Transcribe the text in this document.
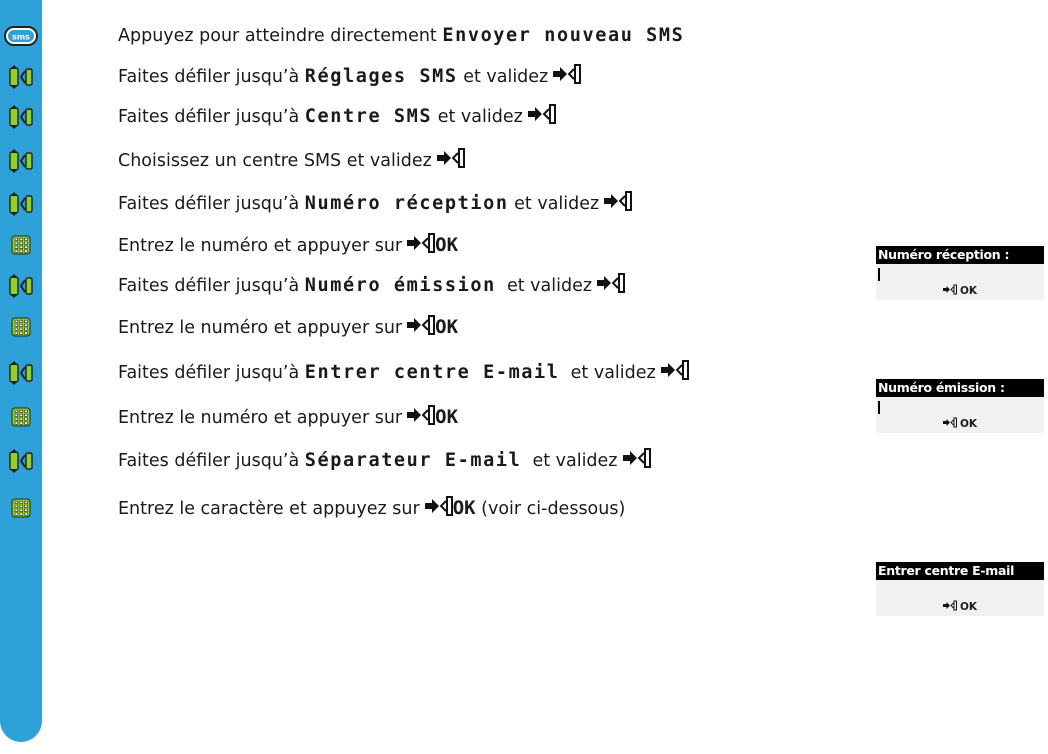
sms	Appuyez pour atteindre directement Envoyer nouveau SMS
Faites défiler jusqu’à Réglages SMS et validez
Faites défiler jusqu’à Centre SMS et validez
Choisissez un centre SMS et validez
Faites défiler jusqu’à Numéro réception et validez
Entrez le numéro et appuyer sur OK
Faites défiler jusqu’à Numéro émission  et validez
Entrez le numéro et appuyer sur OK
Faites défiler jusqu’à Entrer centre E-mail  et validez
Entrez le numéro et appuyer sur OK
Faites défiler jusqu’à Séparateur E-mail  et validez
Entrez le caractère et appuyez sur OK (voir ci-dessous)
Numéro réception :
OK
Numéro émission :
OK
Entrer centre E-mail
OK
